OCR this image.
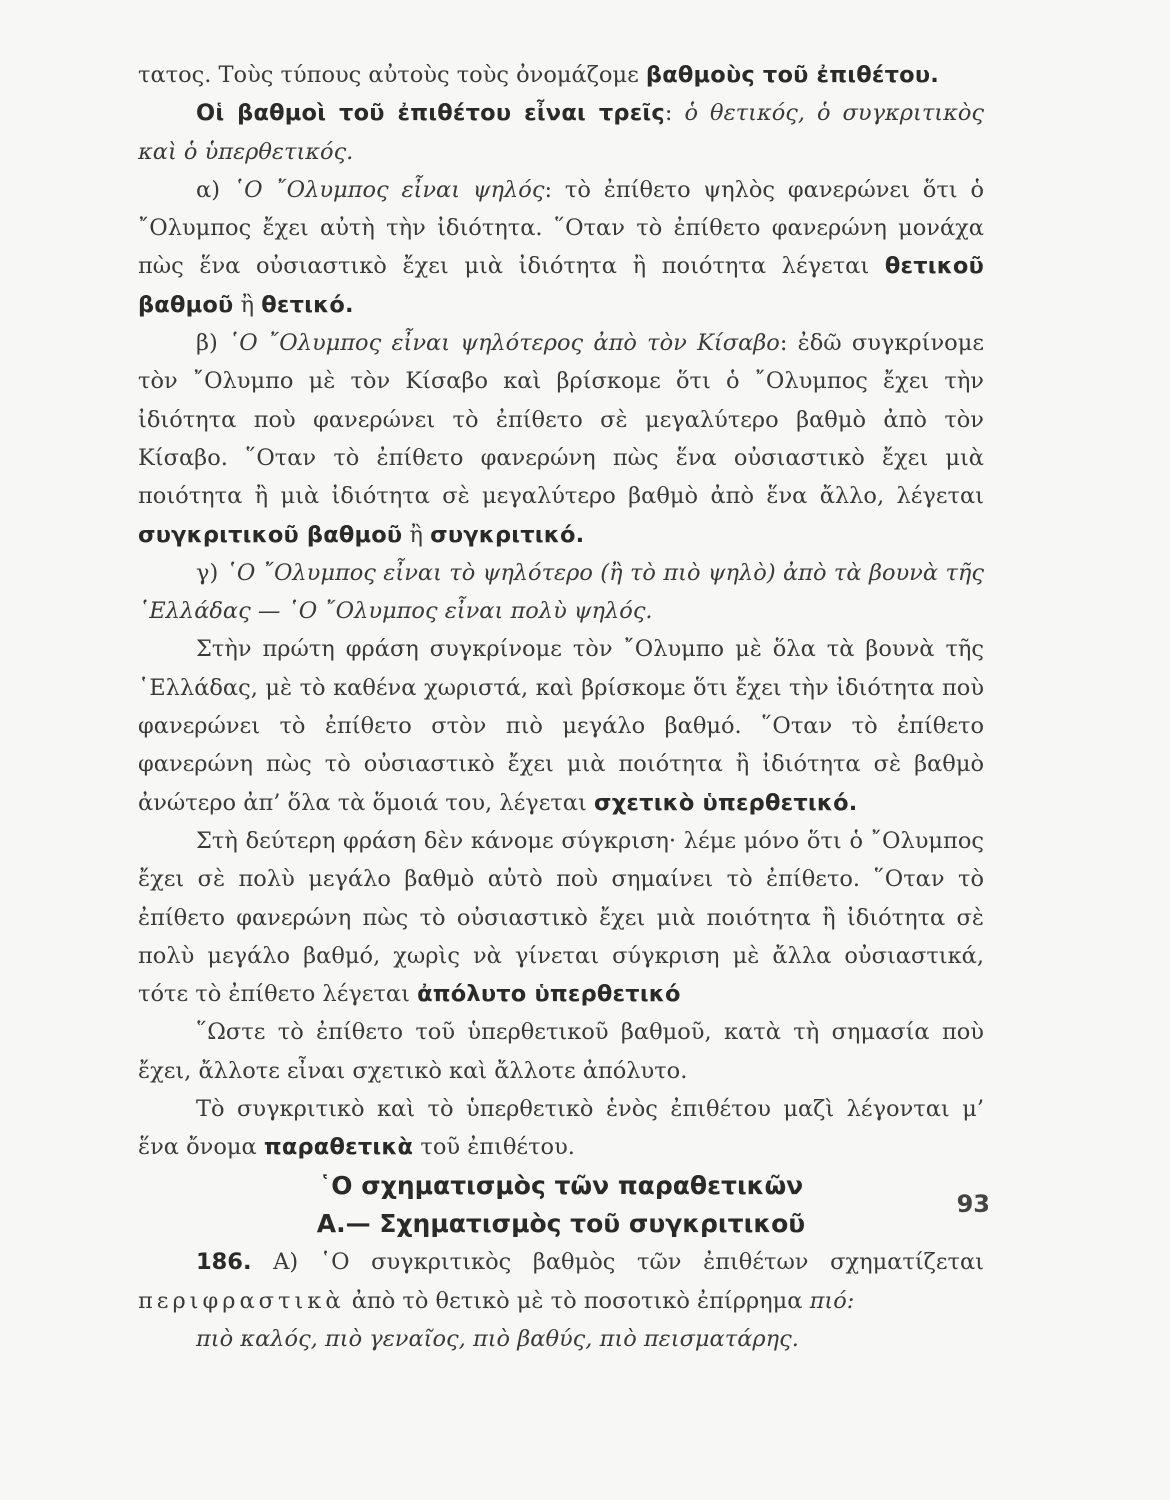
τατος. Τοὺς τύπους αὐτοὺς τοὺς ὀνομάζομε βαθμοὺς τοῦ ἐπιθέτου.

Οἱ βαθμοὶ τοῦ ἐπιθέτου εἶναι τρεῖς: ὁ θετικός, ὁ συγκριτικὸς καὶ ὁ ὑπερθετικός.

α) ῾Ο ῎Ολυμπος εἶναι ψηλός: τὸ ἐπίθετο ψηλὸς φανερώνει ὅτι ὁ ῎Ολυμπος ἔχει αὐτὴ τὴν ἰδιότητα. ῞Οταν τὸ ἐπίθετο φανερώνη μονάχα πὼς ἕνα οὐσιαστικὸ ἔχει μιὰ ἰδιότητα ἢ ποιότητα λέγεται θετικοῦ βαθμοῦ ἢ θετικό.

β) ῾Ο ῎Ολυμπος εἶναι ψηλότερος ἀπὸ τὸν Κίσαβο: ἐδῶ συγκρίνομε τὸν ῎Ολυμπο μὲ τὸν Κίσαβο καὶ βρίσκομε ὅτι ὁ ῎Ολυμπος ἔχει τὴν ἰδιότητα ποὺ φανερώνει τὸ ἐπίθετο σὲ μεγαλύτερο βαθμὸ ἀπὸ τὸν Κίσαβο. ῞Οταν τὸ ἐπίθετο φανερώνη πὼς ἕνα οὐσιαστικὸ ἔχει μιὰ ποιότητα ἢ μιὰ ἰδιότητα σὲ μεγαλύτερο βαθμὸ ἀπὸ ἕνα ἄλλο, λέγεται συγκριτικοῦ βαθμοῦ ἢ συγκριτικό.

γ) ῾Ο ῎Ολυμπος εἶναι τὸ ψηλότερο (ἢ τὸ πιὸ ψηλὸ) ἀπὸ τὰ βουνὰ τῆς ῾Ελλάδας — ῾Ο ῎Ολυμπος εἶναι πολὺ ψηλός.

Στὴν πρώτη φράση συγκρίνομε τὸν ῎Ολυμπο μὲ ὅλα τὰ βουνὰ τῆς ῾Ελλάδας, μὲ τὸ καθένα χωριστά, καὶ βρίσκομε ὅτι ἔχει τὴν ἰδιότητα ποὺ φανερώνει τὸ ἐπίθετο στὸν πιὸ μεγάλο βαθμό. ῞Οταν τὸ ἐπίθετο φανερώνη πὼς τὸ οὐσιαστικὸ ἔχει μιὰ ποιότητα ἢ ἰδιότητα σὲ βαθμὸ ἀνώτερο ἀπ’ ὅλα τὰ ὅμοιά του, λέγεται σχετικὸ ὑπερθετικό.

Στὴ δεύτερη φράση δὲν κάνομε σύγκριση· λέμε μόνο ὅτι ὁ ῎Ολυμπος ἔχει σὲ πολὺ μεγάλο βαθμὸ αὐτὸ ποὺ σημαίνει τὸ ἐπίθετο. ῞Οταν τὸ ἐπίθετο φανερώνη πὼς τὸ οὐσιαστικὸ ἔχει μιὰ ποιότητα ἢ ἰδιότητα σὲ πολὺ μεγάλο βαθμό, χωρὶς νὰ γίνεται σύγκριση μὲ ἄλλα οὐσιαστικά, τότε τὸ ἐπίθετο λέγεται ἀπόλυτο ὑπερθετικό

῞Ωστε τὸ ἐπίθετο τοῦ ὑπερθετικοῦ βαθμοῦ, κατὰ τὴ σημασία ποὺ ἔχει, ἄλλοτε εἶναι σχετικὸ καὶ ἄλλοτε ἀπόλυτο.

Τὸ συγκριτικὸ καὶ τὸ ὑπερθετικὸ ἑνὸς ἐπιθέτου μαζὶ λέγονται μ’ ἕνα ὄνομα παραθετικὰ τοῦ ἐπιθέτου.

῾Ο σχηματισμὸς τῶν παραθετικῶν

Α.— Σχηματισμὸς τοῦ συγκριτικοῦ

186. Α) ῾Ο συγκριτικὸς βαθμὸς τῶν ἐπιθέτων σχηματίζεται περιφραστικὰ ἀπὸ τὸ θετικὸ μὲ τὸ ποσοτικὸ ἐπίρρημα πιό:

πιὸ καλός, πιὸ γεναῖος, πιὸ βαθύς, πιὸ πεισματάρης.

93
